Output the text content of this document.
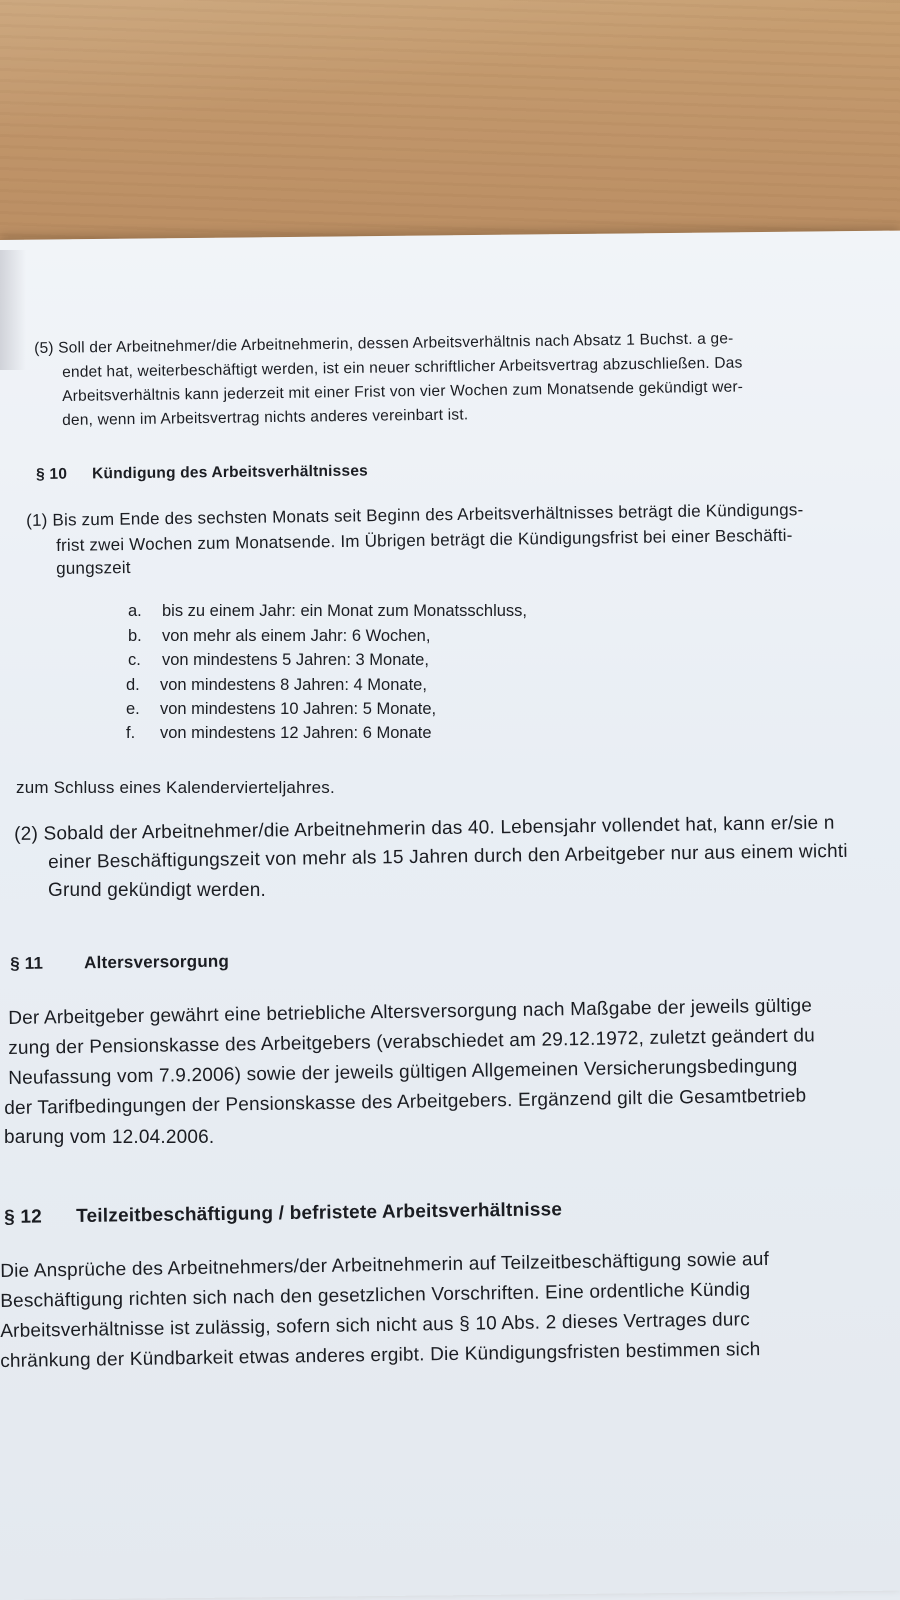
(5) Soll der Arbeitnehmer/die Arbeitnehmerin, dessen Arbeitsverhältnis nach Absatz 1 Buchst. a ge-

endet hat, weiterbeschäftigt werden, ist ein neuer schriftlicher Arbeitsvertrag abzuschließen. Das

Arbeitsverhältnis kann jederzeit mit einer Frist von vier Wochen zum Monatsende gekündigt wer-

den, wenn im Arbeitsvertrag nichts anderes vereinbart ist.

§ 10 Kündigung des Arbeitsverhältnisses

(1) Bis zum Ende des sechsten Monats seit Beginn des Arbeitsverhältnisses beträgt die Kündigungs-

frist zwei Wochen zum Monatsende. Im Übrigen beträgt die Kündigungsfrist bei einer Beschäfti-

gungszeit

a. bis zu einem Jahr: ein Monat zum Monatsschluss,
b. von mehr als einem Jahr: 6 Wochen,
c. von mindestens 5 Jahren: 3 Monate,
d. von mindestens 8 Jahren: 4 Monate,
e. von mindestens 10 Jahren: 5 Monate,
f. von mindestens 12 Jahren: 6 Monate

zum Schluss eines Kalendervierteljahres.

(2) Sobald der Arbeitnehmer/die Arbeitnehmerin das 40. Lebensjahr vollendet hat, kann er/sie n

einer Beschäftigungszeit von mehr als 15 Jahren durch den Arbeitgeber nur aus einem wichti

Grund gekündigt werden.

§ 11 Altersversorgung

Der Arbeitgeber gewährt eine betriebliche Altersversorgung nach Maßgabe der jeweils gültige

zung der Pensionskasse des Arbeitgebers (verabschiedet am 29.12.1972, zuletzt geändert du

Neufassung vom 7.9.2006) sowie der jeweils gültigen Allgemeinen Versicherungsbedingung

der Tarifbedingungen der Pensionskasse des Arbeitgebers. Ergänzend gilt die Gesamtbetrieb

barung vom 12.04.2006.

§ 12 Teilzeitbeschäftigung / befristete Arbeitsverhältnisse

Die Ansprüche des Arbeitnehmers/der Arbeitnehmerin auf Teilzeitbeschäftigung sowie auf

Beschäftigung richten sich nach den gesetzlichen Vorschriften. Eine ordentliche Kündig

Arbeitsverhältnisse ist zulässig, sofern sich nicht aus § 10 Abs. 2 dieses Vertrages durc

chränkung der Kündbarkeit etwas anderes ergibt. Die Kündigungsfristen bestimmen sich
